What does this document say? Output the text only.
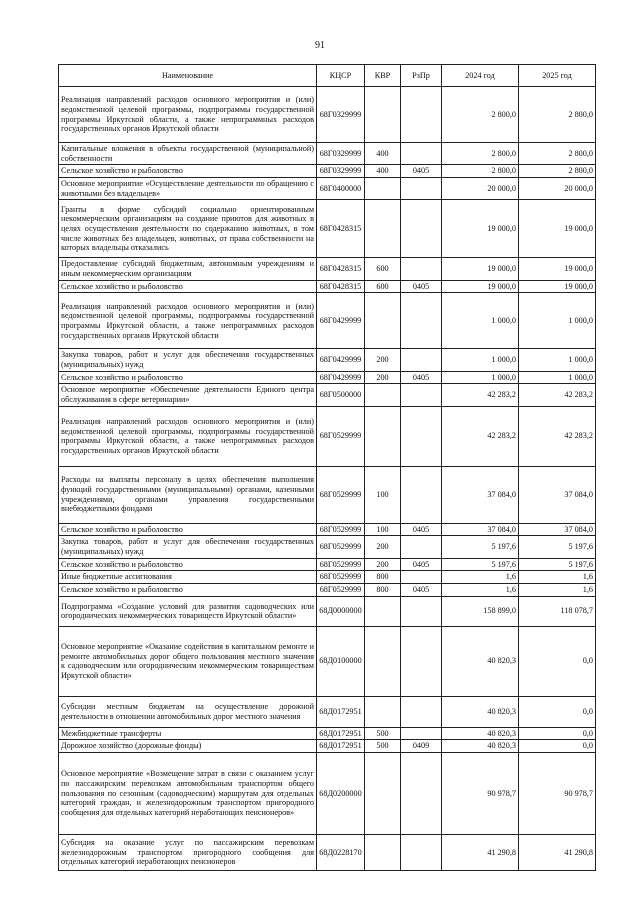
91
Наименование	КЦСР	КВР	РзПр	2024 год	2025 год
Реализация направлений расходов основного мероприятия и (или) ведомственной целевой программы, подпрограммы государственной программы Иркутской области, а также непрограммных расходов государственных органов Иркутской области	68Г0329999			2 800,0	2 800,0
Капитальные вложения в объекты государственной (муниципальной) собственности	68Г0329999	400		2 800,0	2 800,0
Сельское хозяйство и рыболовство	68Г0329999	400	0405	2 800,0	2 800,0
Основное мероприятие «Осуществление деятельности по обращению с животными без владельцев»	68Г0400000			20 000,0	20 000,0
Гранты в форме субсидий социально ориентированным некоммерческим организациям на создание приютов для животных в целях осуществления деятельности по содержанию животных, в том числе животных без владельцев, животных, от права собственности на которых владельцы отказались	68Г0428315			19 000,0	19 000,0
Предоставление субсидий бюджетным, автономным учреждениям и иным некоммерческим организациям	68Г0428315	600		19 000,0	19 000,0
Сельское хозяйство и рыболовство	68Г0428315	600	0405	19 000,0	19 000,0
Реализация направлений расходов основного мероприятия и (или) ведомственной целевой программы, подпрограммы государственной программы Иркутской области, а также непрограммных расходов государственных органов Иркутской области	68Г0429999			1 000,0	1 000,0
Закупка товаров, работ и услуг для обеспечения государственных (муниципальных) нужд	68Г0429999	200		1 000,0	1 000,0
Сельское хозяйство и рыболовство	68Г0429999	200	0405	1 000,0	1 000,0
Основное мероприятие «Обеспечение деятельности Единого центра обслуживания в сфере ветеринарии»	68Г0500000			42 283,2	42 283,2
Реализация направлений расходов основного мероприятия и (или) ведомственной целевой программы, подпрограммы государственной программы Иркутской области, а также непрограммных расходов государственных органов Иркутской области	68Г0529999			42 283,2	42 283,2
Расходы на выплаты персоналу в целях обеспечения выполнения функций государственными (муниципальными) органами, казенными учреждениями, органами управления государственными внебюджетными фондами	68Г0529999	100		37 084,0	37 084,0
Сельское хозяйство и рыболовство	68Г0529999	100	0405	37 084,0	37 084,0
Закупка товаров, работ и услуг для обеспечения государственных (муниципальных) нужд	68Г0529999	200		5 197,6	5 197,6
Сельское хозяйство и рыболовство	68Г0529999	200	0405	5 197,6	5 197,6
Иные бюджетные ассигнования	68Г0529999	800		1,6	1,6
Сельское хозяйство и рыболовство	68Г0529999	800	0405	1,6	1,6
Подпрограмма «Создание условий для развития садоводческих или огороднических некоммерческих товариществ Иркутской области»	68Д0000000			158 899,0	118 078,7
Основное мероприятие «Оказание содействия в капитальном ремонте и ремонте автомобильных дорог общего пользования местного значения к садоводческим или огородническим некоммерческим товариществам Иркутской области»	68Д0100000			40 820,3	0,0
Субсидии местным бюджетам на осуществление дорожной деятельности в отношении автомобильных дорог местного значения	68Д0172951			40 820,3	0,0
Межбюджетные трансферты	68Д0172951	500		40 820,3	0,0
Дорожное хозяйство (дорожные фонды)	68Д0172951	500	0409	40 820,3	0,0
Основное мероприятие «Возмещение затрат в связи с оказанием услуг по пассажирским перевозкам автомобильным транспортом общего пользования по сезонным (садоводческим) маршрутам для отдельных категорий граждан, и железнодорожным транспортом пригородного сообщения для отдельных категорий неработающих пенсионеров»	68Д0200000			90 978,7	90 978,7
Субсидия на оказание услуг по пассажирским перевозкам железнодорожным транспортом пригородного сообщения для отдельных категорий неработающих пенсионеров	68Д0228170			41 290,8	41 290,8
